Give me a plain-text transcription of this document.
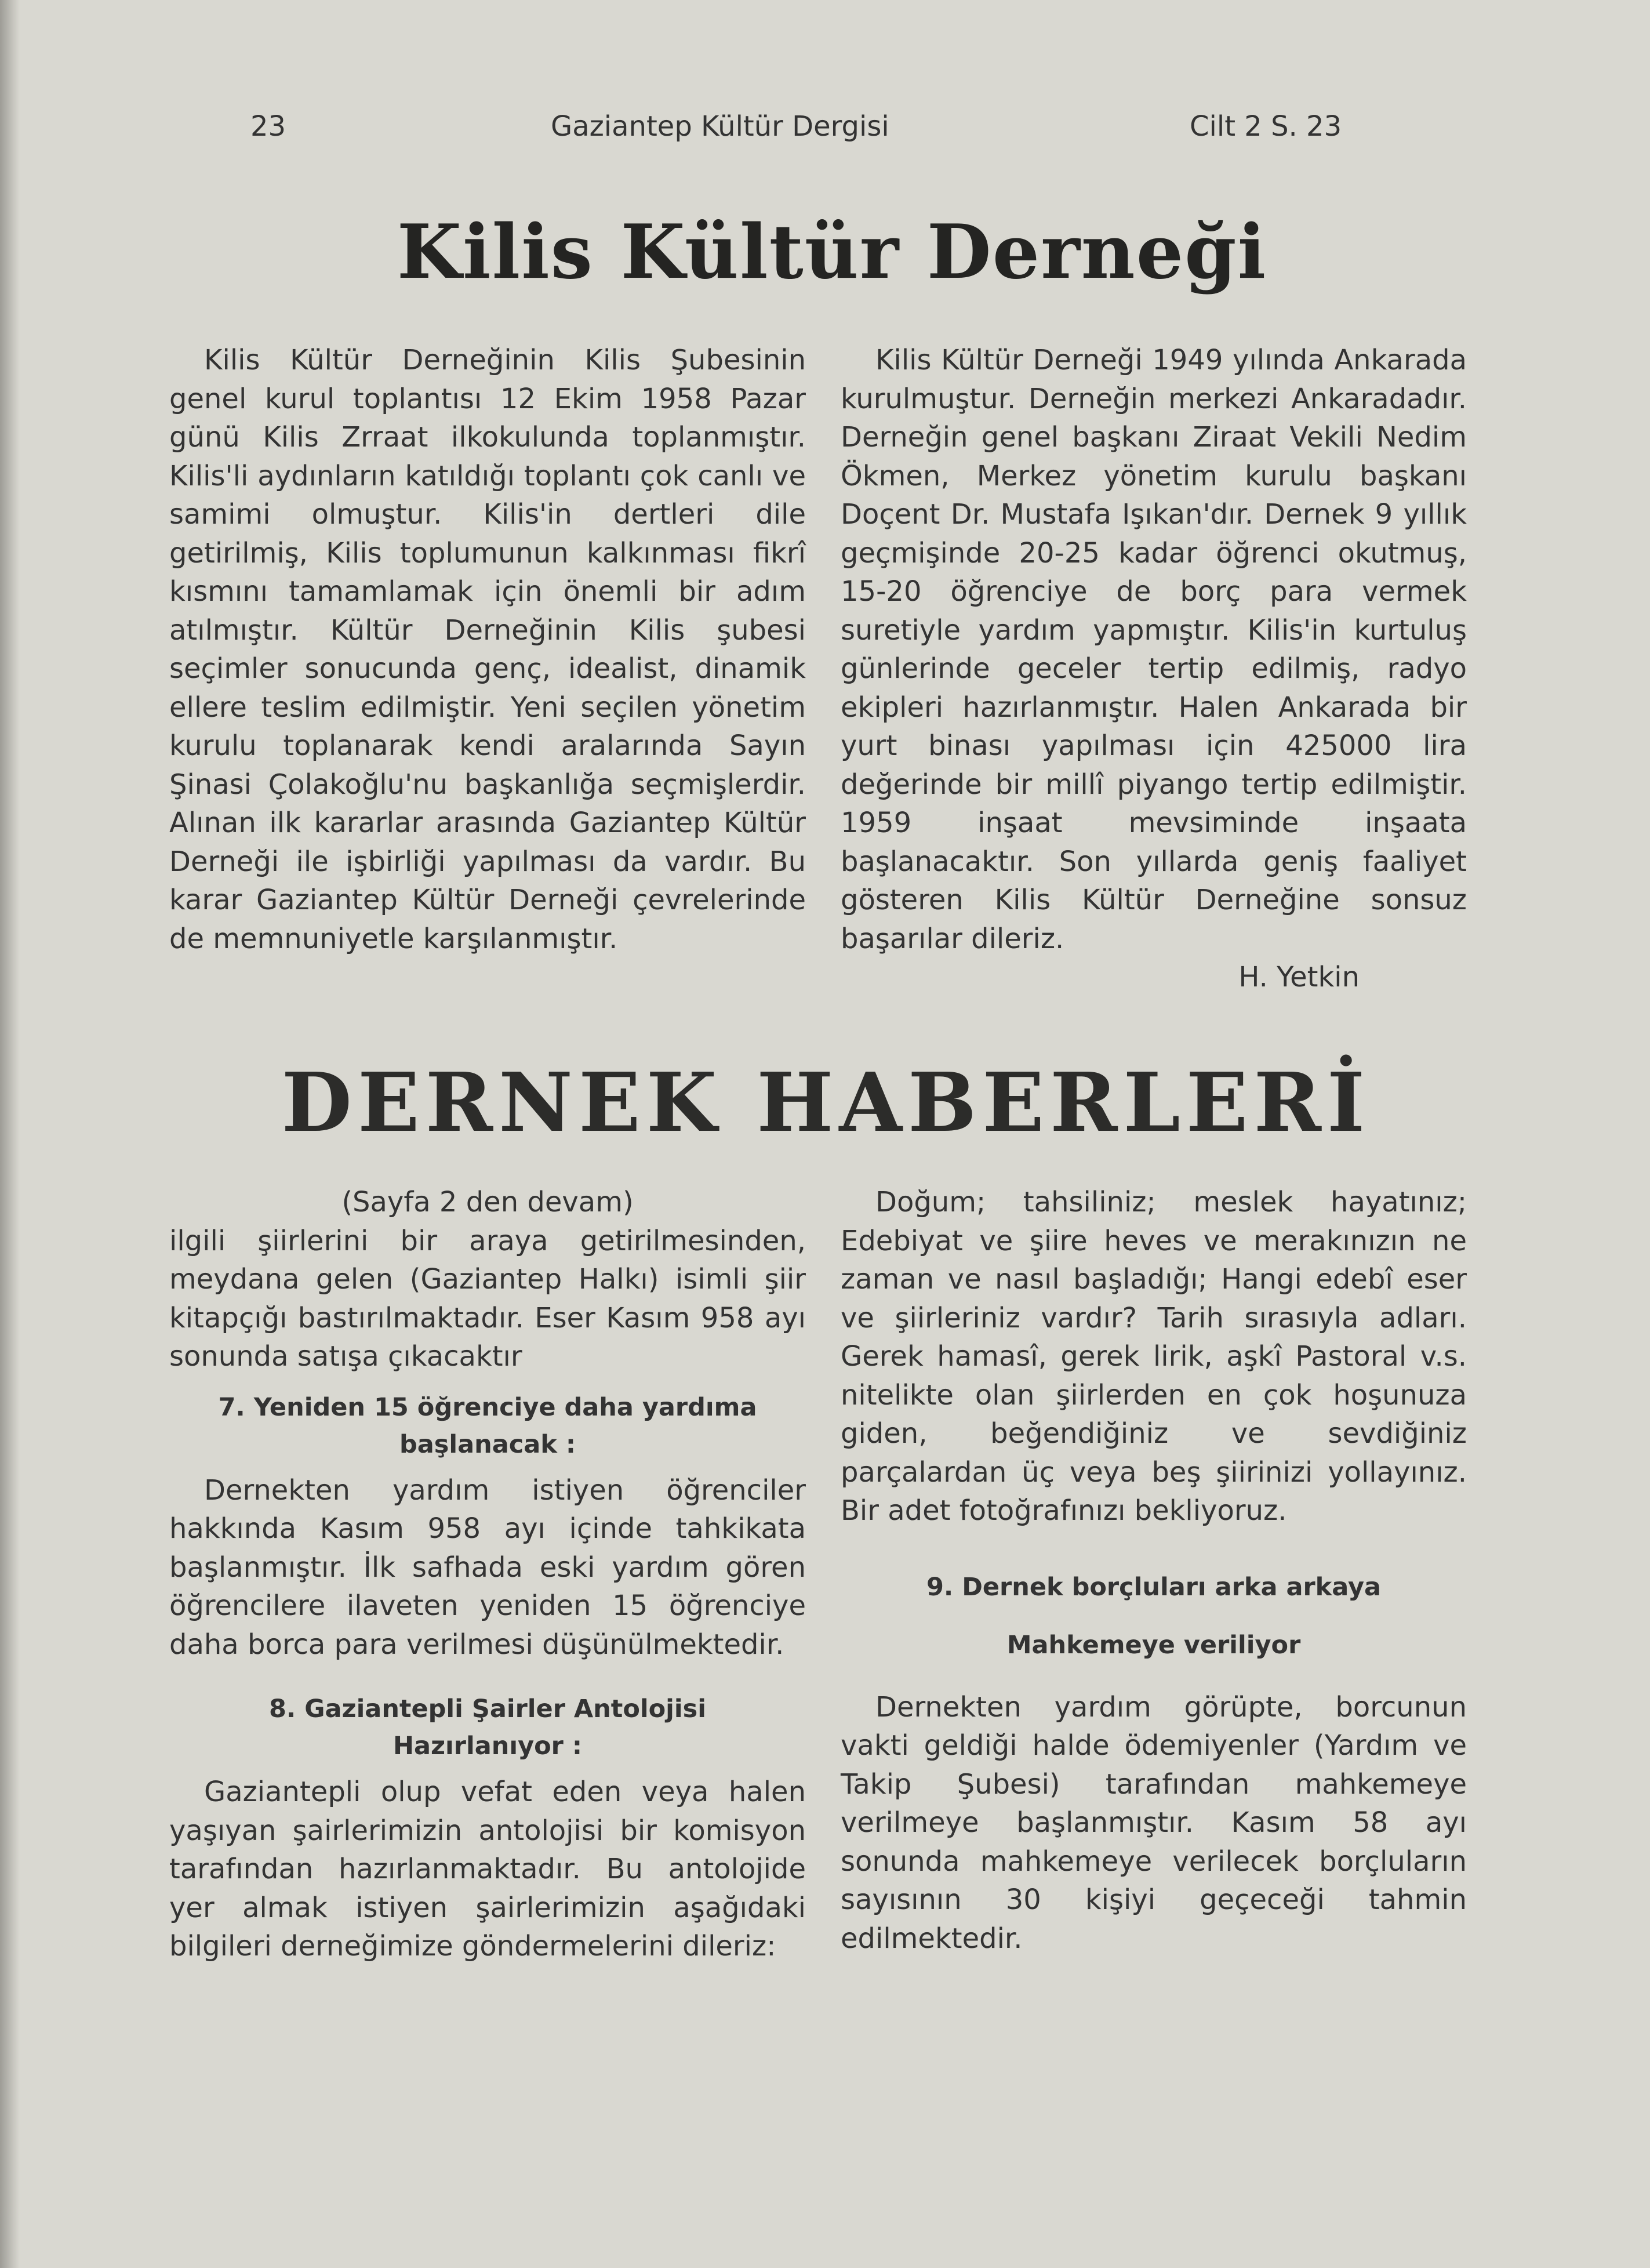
23	Gaziantep Kültür Dergisi	Cilt 2 S. 23
Kilis Kültür Derneği

Kilis Kültür Derneğinin Kilis Şubesinin genel kurul toplantısı 12 Ekim 1958 Pazar günü Kilis Zrraat ilkokulunda toplanmıştır. Kilis'li aydınların katıldığı toplantı çok canlı ve samimi olmuştur. Kilis'in dertleri dile getirilmiş, Kilis toplumunun kalkınması fikrî kısmını tamamlamak için önemli bir adım atılmıştır. Kültür Derneğinin Kilis şubesi seçimler sonucunda genç, idealist, dinamik ellere teslim edilmiştir. Yeni seçilen yönetim kurulu toplanarak kendi aralarında Sayın Şinasi Çolakoğlu'nu başkanlığa seçmişlerdir. Alınan ilk kararlar arasında Gaziantep Kültür Derneği ile işbirliği yapılması da vardır. Bu karar Gaziantep Kültür Derneği çevrelerinde de memnuniyetle karşılanmıştır.

Kilis Kültür Derneği 1949 yılında Ankarada kurulmuştur. Derneğin merkezi Ankaradadır. Derneğin genel başkanı Ziraat Vekili Nedim Ökmen, Merkez yönetim kurulu başkanı Doçent Dr. Mustafa Işıkan'dır. Dernek 9 yıllık geçmişinde 20-25 kadar öğrenci okutmuş, 15-20 öğrenciye de borç para vermek suretiyle yardım yapmıştır. Kilis'in kurtuluş günlerinde geceler tertip edilmiş, radyo ekipleri hazırlanmıştır. Halen Ankarada bir yurt binası yapılması için 425000 lira değerinde bir millî piyango tertip edilmiştir. 1959 inşaat mevsiminde inşaata başlanacaktır. Son yıllarda geniş faaliyet gösteren Kilis Kültür Derneğine sonsuz başarılar dileriz.

H. Yetkin
DERNEK HABERLERİ
(Sayfa 2 den devam)

ilgili şiirlerini bir araya getirilmesinden, meydana gelen (Gaziantep Halkı) isimli şiir kitapçığı bastırılmaktadır. Eser Kasım 958 ayı sonunda satışa çıkacaktır

7. Yeniden 15 öğrenciye daha yardıma
başlanacak :

Dernekten yardım istiyen öğrenciler hakkında Kasım 958 ayı içinde tahkikata başlanmıştır. İlk safhada eski yardım gören öğrencilere ilaveten yeniden 15 öğrenciye daha borca para verilmesi düşünülmektedir.

8. Gaziantepli Şairler Antolojisi
Hazırlanıyor :

Gaziantepli olup vefat eden veya halen yaşıyan şairlerimizin antolojisi bir komisyon tarafından hazırlanmaktadır. Bu antolojide yer almak istiyen şairlerimizin aşağıdaki bilgileri derneğimize göndermelerini dileriz:

Doğum; tahsiliniz; meslek hayatınız; Edebiyat ve şiire heves ve merakınızın ne zaman ve nasıl başladığı; Hangi edebî eser ve şiirleriniz vardır? Tarih sırasıyla adları. Gerek hamasî, gerek lirik, aşkî Pastoral v.s. nitelikte olan şiirlerden en çok hoşunuza giden, beğendiğiniz ve sevdiğiniz parçalardan üç veya beş şiirinizi yollayınız. Bir adet fotoğrafınızı bekliyoruz.

9. Dernek borçluları arka arkaya
Mahkemeye veriliyor

Dernekten yardım görüpte, borcunun vakti geldiği halde ödemiyenler (Yardım ve Takip Şubesi) tarafından mahkemeye verilmeye başlanmıştır. Kasım 58 ayı sonunda mahkemeye verilecek borçluların sayısının 30 kişiyi geçeceği tahmin edilmektedir.
